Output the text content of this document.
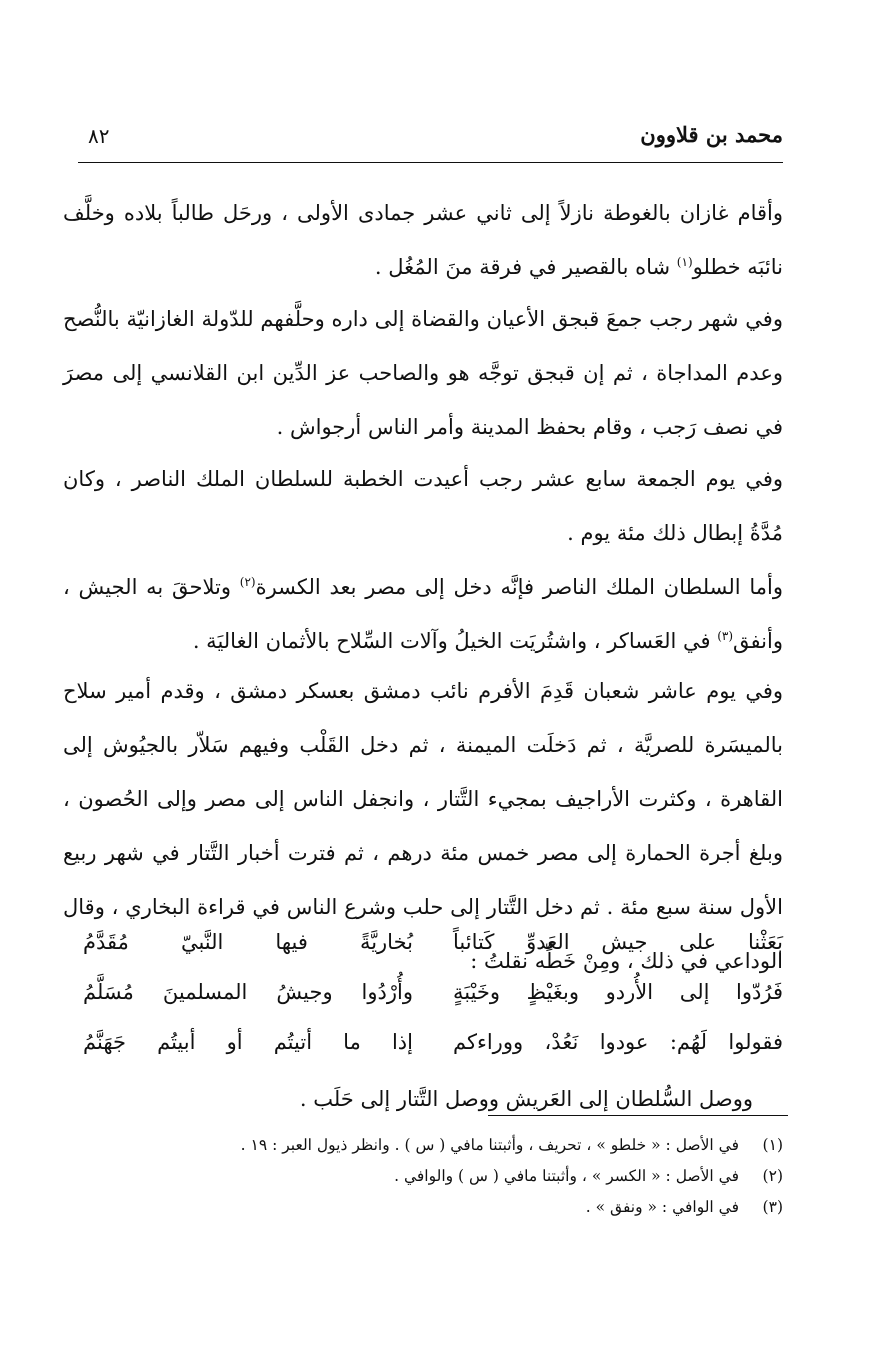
محمد بن قلاوون
٨٢

وأقام غازان بالغوطة نازلاً إلى ثاني عشر جمادى الأولى ، ورحَل طالباً بلاده وخلَّف نائبَه خطلو$^{(١)}$ شاه بالقصير في فرقة منَ المُغُل .

وفي شهر رجب جمعَ قبجق الأعيان والقضاة إلى داره وحلَّفهم للدّولة الغازانيّة بالنُّصح وعدم المداجاة ، ثم إن قبجق توجَّه هو والصاحب عز الدِّين ابن القلانسي إلى مصرَ في نصف رَجب ، وقام بحفظ المدينة وأمر الناس أرجواش .

وفي يوم الجمعة سابع عشر رجب أعيدت الخطبة للسلطان الملك الناصر ، وكان مُدَّةُ إبطال ذلك مئة يوم .

وأما السلطان الملك الناصر فإنَّه دخل إلى مصر بعد الكسرة$^{(٢)}$ وتلاحقَ به الجيش ، وأنفق$^{(٣)}$ في العَساكر ، واشتُريَت الخيلُ وآلات السِّلاح بالأثمان الغاليَة .

وفي يوم عاشر شعبان قَدِمَ الأفرم نائب دمشق بعسكر دمشق ، وقدم أمير سلاح بالميسَرة للصريَّة ، ثم دَخلَت الميمنة ، ثم دخل القَلْب وفيهم سَلاّر بالجيُوش إلى القاهرة ، وكثرت الأراجيف بمجيء التَّتار ، وانجفل الناس إلى مصر وإلى الحُصون ، وبلغ أجرة الحمارة إلى مصر خمس مئة درهم ، ثم فترت أخبار التَّتار في شهر ربيع الأول سنة سبع مئة . ثم دخل التَّتار إلى حلب وشرع الناس في قراءة البخاري ، وقال الوداعي في ذلك ، ومِنْ خَطِّه نقلتُ :

بَعَثْنا على جيش العَدوِّ كَتائباً
بُخاريَّةً فيها النَّبيّ مُقَدَّمُ
فَرُدّوا إلى الأُردو وبغَيْظٍ وخَيْبَةٍ
وأُرْدُوا وجيشُ المسلمينَ مُسَلَّمُ
فقولوا لَهُم: عودوا نَعُدْ، ووراءكم
إذا ما أتيتُم أو أبيتُم جَهَنَّمُ

ووصل السُّلطان إلى العَريش ووصل التَّتار إلى حَلَب .

(١)
في الأصل : « خلطو » ، تحريف ، وأثبتنا مافي ( س ) . وانظر ذيول العبر : ١٩ .
(٢)
في الأصل : « الكسر » ، وأثبتنا مافي ( س ) والوافي .
(٣)
في الوافي : « ونفق » .
